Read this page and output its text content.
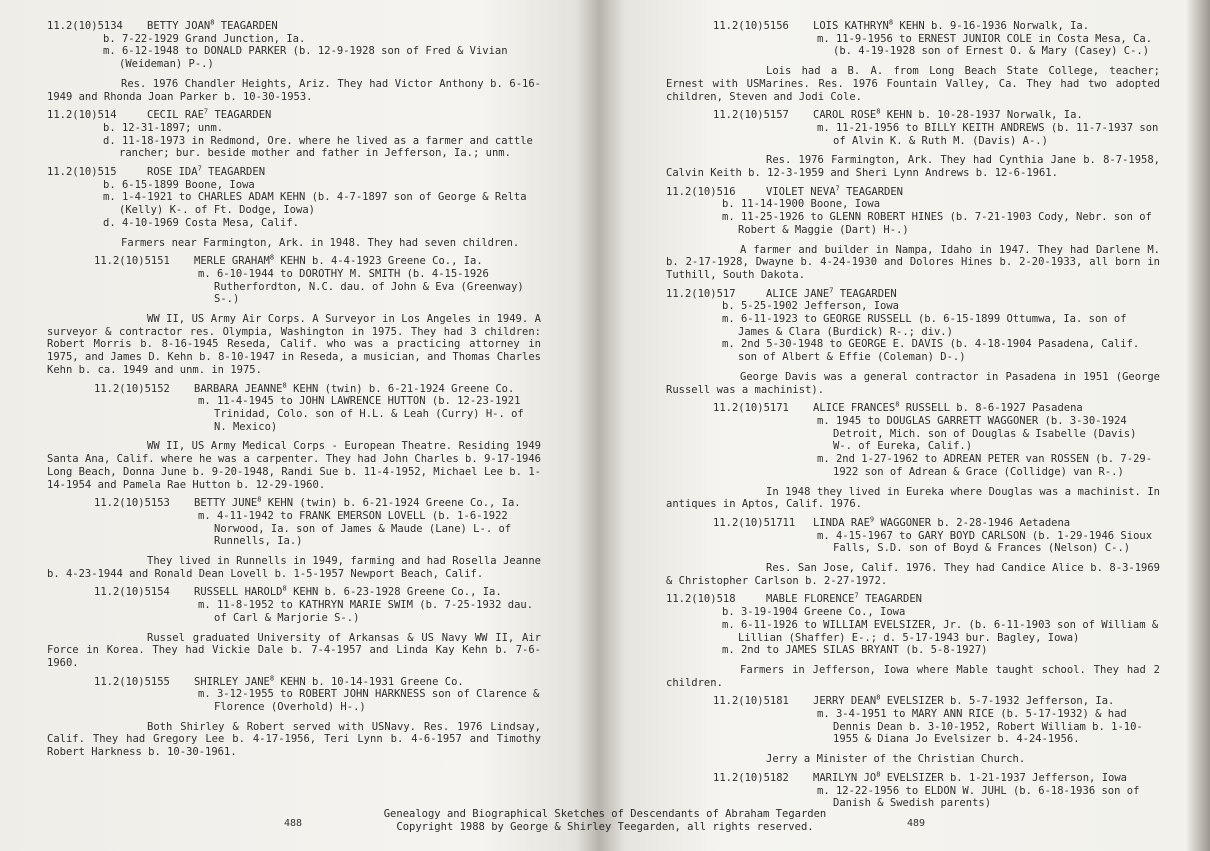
11.2(10)5134	BETTY JOAN$^8$ TEAGARDEN
b. 7-22-1929 Grand Junction, Ia.
m. 6-12-1948 to DONALD PARKER (b. 12-9-1928 son of Fred & Vivian (Weideman) P-.)
Res. 1976 Chandler Heights, Ariz. They had Victor Anthony b. 6-16-1949 and Rhonda Joan Parker b. 10-30-1953.
11.2(10)514	CECIL RAE$^7$ TEAGARDEN
b. 12-31-1897; unm.
d. 11-18-1973 in Redmond, Ore. where he lived as a farmer and cattle rancher; bur. beside mother and father in Jefferson, Ia.; unm.
11.2(10)515	ROSE IDA$^7$ TEAGARDEN
b. 6-15-1899 Boone, Iowa
m. 1-4-1921 to CHARLES ADAM KEHN (b. 4-7-1897 son of George & Relta (Kelly) K-. of Ft. Dodge, Iowa)
d. 4-10-1969 Costa Mesa, Calif.
Farmers near Farmington, Ark. in 1948. They had seven children.
11.2(10)5151	MERLE GRAHAM$^8$ KEHN b. 4-4-1923 Greene Co., Ia.
m. 6-10-1944 to DOROTHY M. SMITH (b. 4-15-1926 Rutherfordton, N.C. dau. of John & Eva (Greenway) S-.)
WW II, US Army Air Corps. A Surveyor in Los Angeles in 1949. A surveyor & contractor res. Olympia, Washington in 1975. They had 3 children: Robert Morris b. 8-16-1945 Reseda, Calif. who was a practicing attorney in 1975, and James D. Kehn b. 8-10-1947 in Reseda, a musician, and Thomas Charles Kehn b. ca. 1949 and unm. in 1975.
11.2(10)5152	BARBARA JEANNE$^8$ KEHN (twin) b. 6-21-1924 Greene Co.
m. 11-4-1945 to JOHN LAWRENCE HUTTON (b. 12-23-1921 Trinidad, Colo. son of H.L. & Leah (Curry) H-. of N. Mexico)
WW II, US Army Medical Corps - European Theatre. Residing 1949 Santa Ana, Calif. where he was a carpenter. They had John Charles b. 9-17-1946 Long Beach, Donna June b. 9-20-1948, Randi Sue b. 11-4-1952, Michael Lee b. 1-14-1954 and Pamela Rae Hutton b. 12-29-1960.
11.2(10)5153	BETTY JUNE$^8$ KEHN (twin) b. 6-21-1924 Greene Co., Ia.
m. 4-11-1942 to FRANK EMERSON LOVELL (b. 1-6-1922 Norwood, Ia. son of James & Maude (Lane) L-. of Runnells, Ia.)
They lived in Runnells in 1949, farming and had Rosella Jeanne b. 4-23-1944 and Ronald Dean Lovell b. 1-5-1957 Newport Beach, Calif.
11.2(10)5154	RUSSELL HAROLD$^8$ KEHN b. 6-23-1928 Greene Co., Ia.
m. 11-8-1952 to KATHRYN MARIE SWIM (b. 7-25-1932 dau. of Carl & Marjorie S-.)
Russel graduated University of Arkansas & US Navy WW II, Air Force in Korea. They had Vickie Dale b. 7-4-1957 and Linda Kay Kehn b. 7-6-1960.
11.2(10)5155	SHIRLEY JANE$^8$ KEHN b. 10-14-1931 Greene Co.
m. 3-12-1955 to ROBERT JOHN HARKNESS son of Clarence & Florence (Overhold) H-.)
Both Shirley & Robert served with USNavy. Res. 1976 Lindsay, Calif. They had Gregory Lee b. 4-17-1956, Teri Lynn b. 4-6-1957 and Timothy Robert Harkness b. 10-30-1961.
488
11.2(10)5156	LOIS KATHRYN$^8$ KEHN b. 9-16-1936 Norwalk, Ia.
m. 11-9-1956 to ERNEST JUNIOR COLE in Costa Mesa, Ca. (b. 4-19-1928 son of Ernest O. & Mary (Casey) C-.)
Lois had a B. A. from Long Beach State College, teacher; Ernest with USMarines. Res. 1976 Fountain Valley, Ca. They had two adopted children, Steven and Jodi Cole.
11.2(10)5157	CAROL ROSE$^8$ KEHN b. 10-28-1937 Norwalk, Ia.
m. 11-21-1956 to BILLY KEITH ANDREWS (b. 11-7-1937 son of Alvin K. & Ruth M. (Davis) A-.)
Res. 1976 Farmington, Ark. They had Cynthia Jane b. 8-7-1958, Calvin Keith b. 12-3-1959 and Sheri Lynn Andrews b. 12-6-1961.
11.2(10)516	VIOLET NEVA$^7$ TEAGARDEN
b. 11-14-1900 Boone, Iowa
m. 11-25-1926 to GLENN ROBERT HINES (b. 7-21-1903 Cody, Nebr. son of Robert & Maggie (Dart) H-.)
A farmer and builder in Nampa, Idaho in 1947. They had Darlene M. b. 2-17-1928, Dwayne b. 4-24-1930 and Dolores Hines b. 2-20-1933, all born in Tuthill, South Dakota.
11.2(10)517	ALICE JANE$^7$ TEAGARDEN
b. 5-25-1902 Jefferson, Iowa
m. 6-11-1923 to GEORGE RUSSELL (b. 6-15-1899 Ottumwa, Ia. son of James & Clara (Burdick) R-.; div.)
m. 2nd 5-30-1948 to GEORGE E. DAVIS (b. 4-18-1904 Pasadena, Calif. son of Albert & Effie (Coleman) D-.)
George Davis was a general contractor in Pasadena in 1951 (George Russell was a machinist).
11.2(10)5171	ALICE FRANCES$^8$ RUSSELL b. 8-6-1927 Pasadena
m. 1945 to DOUGLAS GARRETT WAGGONER (b. 3-30-1924 Detroit, Mich. son of Douglas & Isabelle (Davis) W-. of Eureka, Calif.)
m. 2nd 1-27-1962 to ADREAN PETER van ROSSEN (b. 7-29-1922 son of Adrean & Grace (Collidge) van R-.)
In 1948 they lived in Eureka where Douglas was a machinist. In antiques in Aptos, Calif. 1976.
11.2(10)51711	LINDA RAE$^9$ WAGGONER b. 2-28-1946 Aetadena
m. 4-15-1967 to GARY BOYD CARLSON (b. 1-29-1946 Sioux Falls, S.D. son of Boyd & Frances (Nelson) C-.)
Res. San Jose, Calif. 1976. They had Candice Alice b. 8-3-1969 & Christopher Carlson b. 2-27-1972.
11.2(10)518	MABLE FLORENCE$^7$ TEAGARDEN
b. 3-19-1904 Greene Co., Iowa
m. 6-11-1926 to WILLIAM EVELSIZER, Jr. (b. 6-11-1903 son of William & Lillian (Shaffer) E-.; d. 5-17-1943 bur. Bagley, Iowa)
m. 2nd to JAMES SILAS BRYANT (b. 5-8-1927)
Farmers in Jefferson, Iowa where Mable taught school. They had 2 children.
11.2(10)5181	JERRY DEAN$^8$ EVELSIZER b. 5-7-1932 Jefferson, Ia.
m. 3-4-1951 to MARY ANN RICE (b. 5-17-1932) & had Dennis Dean b. 3-10-1952, Robert William b. 1-10-1955 & Diana Jo Evelsizer b. 4-24-1956.
Jerry a Minister of the Christian Church.
11.2(10)5182	MARILYN $JO^8$ EVELSIZER b. 1-21-1937 Jefferson, Iowa
m. 12-22-1956 to ELDON W. JUHL (b. 6-18-1936 son of Danish & Swedish parents)
489
Genealogy and Biographical Sketches of Descendants of Abraham Tegarden
Copyright 1988 by George & Shirley Teegarden, all rights reserved.
